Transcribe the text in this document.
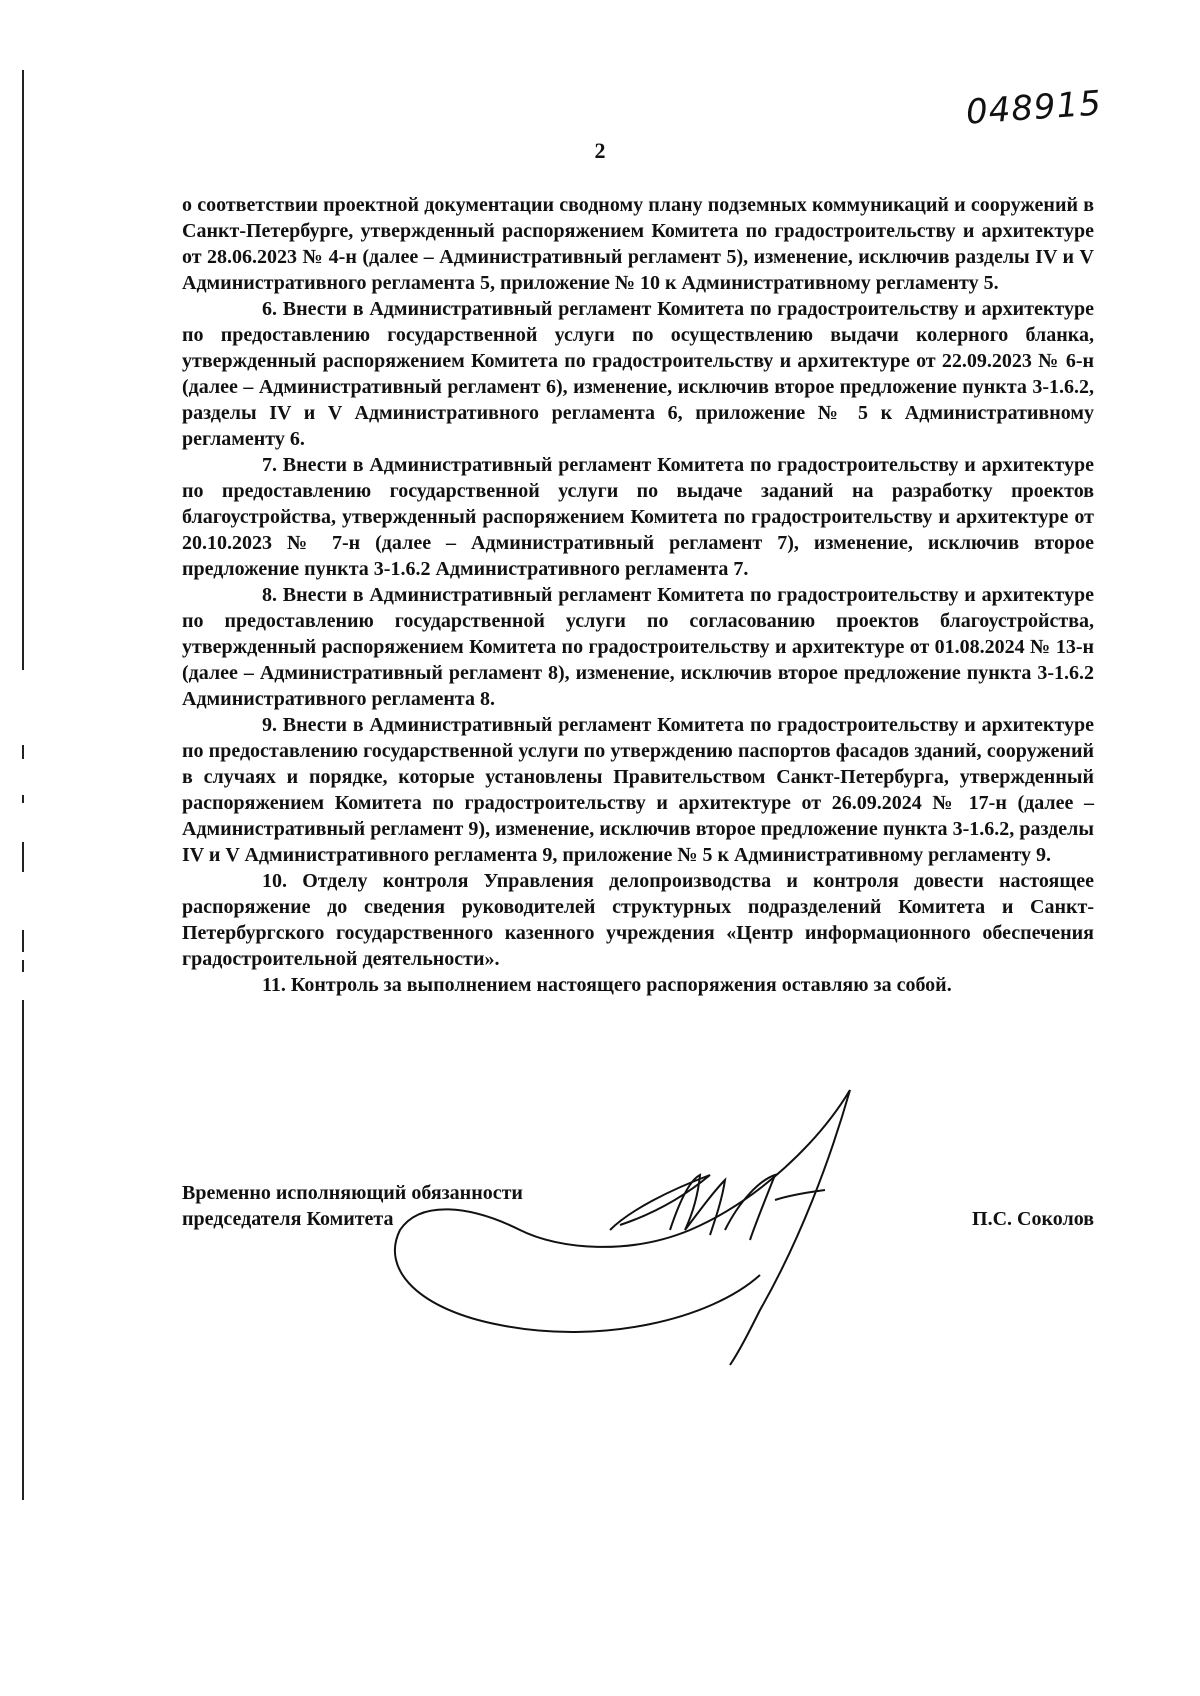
048915
2

о соответствии проектной документации сводному плану подземных коммуникаций и сооружений в Санкт-Петербурге, утвержденный распоряжением Комитета по градостроительству и архитектуре от 28.06.2023 № 4-н (далее – Административный регламент 5), изменение, исключив разделы IV и V Административного регламента 5, приложение № 10 к Административному регламенту 5.

6. Внести в Административный регламент Комитета по градостроительству и архитектуре по предоставлению государственной услуги по осуществлению выдачи колерного бланка, утвержденный распоряжением Комитета по градостроительству и архитектуре от 22.09.2023 № 6-н (далее – Административный регламент 6), изменение, исключив второе предложение пункта 3-1.6.2, разделы IV и V Административного регламента 6, приложение № 5 к Административному регламенту 6.

7. Внести в Административный регламент Комитета по градостроительству и архитектуре по предоставлению государственной услуги по выдаче заданий на разработку проектов благоустройства, утвержденный распоряжением Комитета по градостроительству и архитектуре от 20.10.2023 № 7-н (далее – Административный регламент 7), изменение, исключив второе предложение пункта 3-1.6.2 Административного регламента 7.

8. Внести в Административный регламент Комитета по градостроительству и архитектуре по предоставлению государственной услуги по согласованию проектов благоустройства, утвержденный распоряжением Комитета по градостроительству и архитектуре от 01.08.2024 № 13-н (далее – Административный регламент 8), изменение, исключив второе предложение пункта 3-1.6.2 Административного регламента 8.

9. Внести в Административный регламент Комитета по градостроительству и архитектуре по предоставлению государственной услуги по утверждению паспортов фасадов зданий, сооружений в случаях и порядке, которые установлены Правительством Санкт-Петербурга, утвержденный распоряжением Комитета по градостроительству и архитектуре от 26.09.2024 № 17-н (далее – Административный регламент 9), изменение, исключив второе предложение пункта 3-1.6.2, разделы IV и V Административного регламента 9, приложение № 5 к Административному регламенту 9.

10. Отделу контроля Управления делопроизводства и контроля довести настоящее распоряжение до сведения руководителей структурных подразделений Комитета и Санкт-Петербургского государственного казенного учреждения «Центр информационного обеспечения градостроительной деятельности».

11. Контроль за выполнением настоящего распоряжения оставляю за собой.

Временно исполняющий обязанности
председателя Комитета	П.С. Соколов
